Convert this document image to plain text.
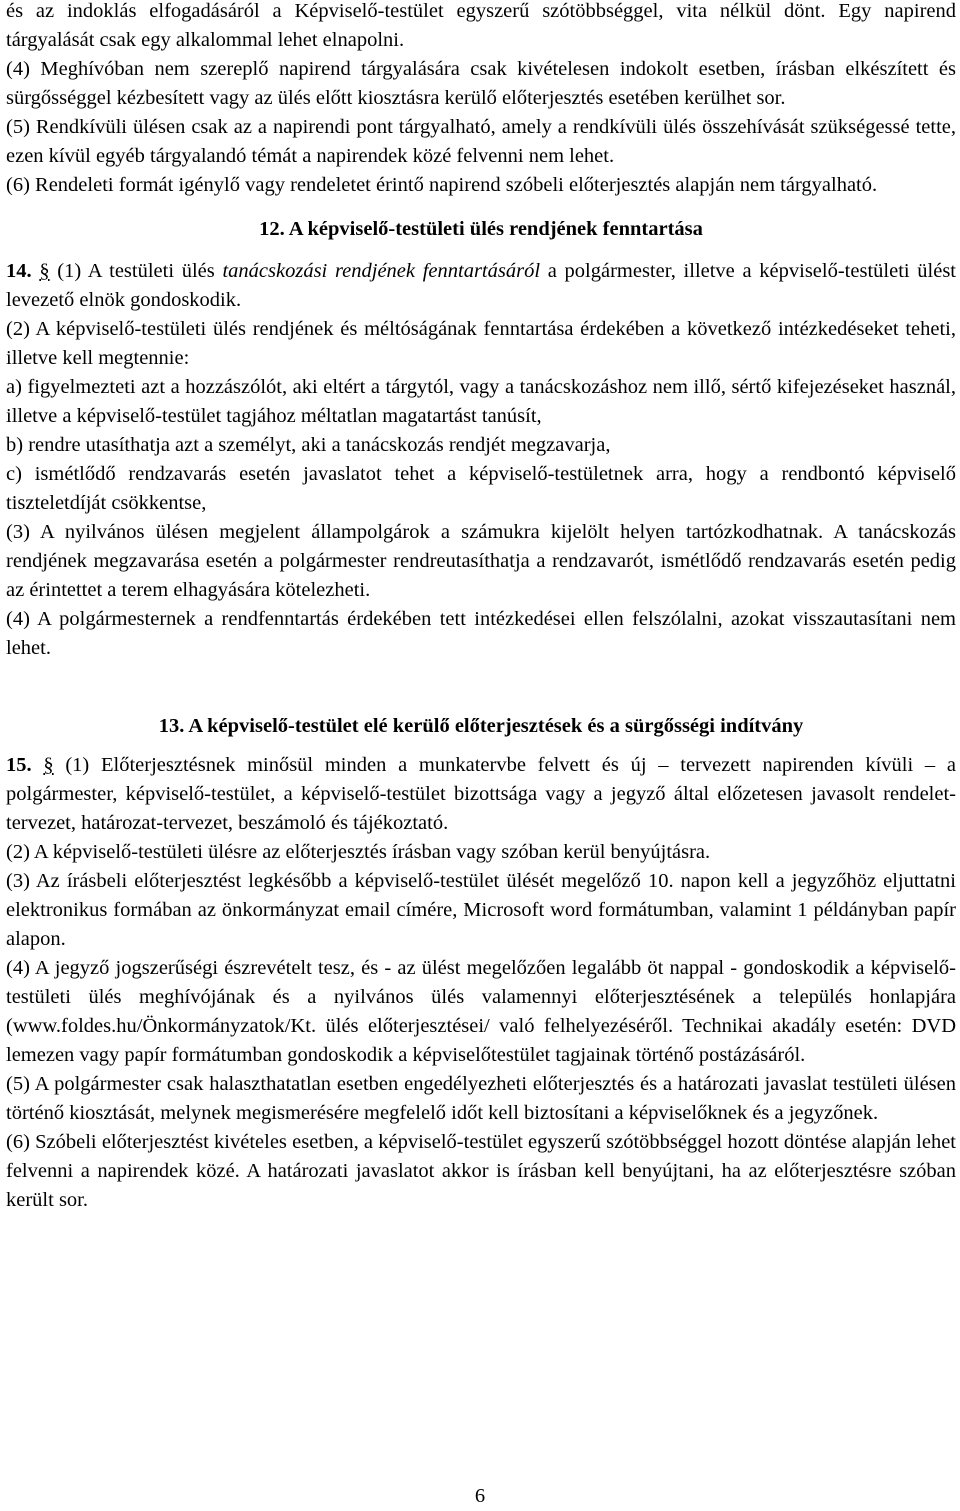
és az indoklás elfogadásáról a Képviselő-testület egyszerű szótöbbséggel, vita nélkül dönt. Egy napirend tárgyalását csak egy alkalommal lehet elnapolni.

(4) Meghívóban nem szereplő napirend tárgyalására csak kivételesen indokolt esetben, írásban elkészített és sürgősséggel kézbesített vagy az ülés előtt kiosztásra kerülő előterjesztés esetében kerülhet sor.

(5) Rendkívüli ülésen csak az a napirendi pont tárgyalható, amely a rendkívüli ülés összehívását szükségessé tette, ezen kívül egyéb tárgyalandó témát a napirendek közé felvenni nem lehet.

(6) Rendeleti formát igénylő vagy rendeletet érintő napirend szóbeli előterjesztés alapján nem tárgyalható.

12. A képviselő-testületi ülés rendjének fenntartása

14. § (1) A testületi ülés tanácskozási rendjének fenntartásáról a polgármester, illetve a képviselő-testületi ülést levezető elnök gondoskodik.

(2) A képviselő-testületi ülés rendjének és méltóságának fenntartása érdekében a következő intézkedéseket teheti, illetve kell megtennie:

a) figyelmezteti azt a hozzászólót, aki eltért a tárgytól, vagy a tanácskozáshoz nem illő, sértő kifejezéseket használ, illetve a képviselő-testület tagjához méltatlan magatartást tanúsít,

b) rendre utasíthatja azt a személyt, aki a tanácskozás rendjét megzavarja,

c) ismétlődő rendzavarás esetén javaslatot tehet a képviselő-testületnek arra, hogy a rendbontó képviselő tiszteletdíját csökkentse,

(3) A nyilvános ülésen megjelent állampolgárok a számukra kijelölt helyen tartózkodhatnak. A tanácskozás rendjének megzavarása esetén a polgármester rendreutasíthatja a rendzavarót, ismétlődő rendzavarás esetén pedig az érintettet a terem elhagyására kötelezheti.

(4) A polgármesternek a rendfenntartás érdekében tett intézkedései ellen felszólalni, azokat visszautasítani nem lehet.

13. A képviselő-testület elé kerülő előterjesztések és a sürgősségi indítvány

15. § (1) Előterjesztésnek minősül minden a munkatervbe felvett és új – tervezett napirenden kívüli – a polgármester, képviselő-testület, a képviselő-testület bizottsága vagy a jegyző által előzetesen javasolt rendelet-tervezet, határozat-tervezet, beszámoló és tájékoztató.

(2) A képviselő-testületi ülésre az előterjesztés írásban vagy szóban kerül benyújtásra.

(3) Az írásbeli előterjesztést legkésőbb a képviselő-testület ülését megelőző 10. napon kell a jegyzőhöz eljuttatni elektronikus formában az önkormányzat email címére, Microsoft word formátumban, valamint 1 példányban papír alapon.

(4) A jegyző jogszerűségi észrevételt tesz, és - az ülést megelőzően legalább öt nappal - gondoskodik a képviselő-testületi ülés meghívójának és a nyilvános ülés valamennyi előterjesztésének a település honlapjára (www.foldes.hu/Önkormányzatok/Kt. ülés előterjesztései/ való felhelyezéséről. Technikai akadály esetén: DVD lemezen vagy papír formátumban gondoskodik a képviselőtestület tagjainak történő postázásáról.

(5) A polgármester csak halaszthatatlan esetben engedélyezheti előterjesztés és a határozati javaslat testületi ülésen történő kiosztását, melynek megismerésére megfelelő időt kell biztosítani a képviselőknek és a jegyzőnek.

(6) Szóbeli előterjesztést kivételes esetben, a képviselő-testület egyszerű szótöbbséggel hozott döntése alapján lehet felvenni a napirendek közé. A határozati javaslatot akkor is írásban kell benyújtani, ha az előterjesztésre szóban került sor.

6
